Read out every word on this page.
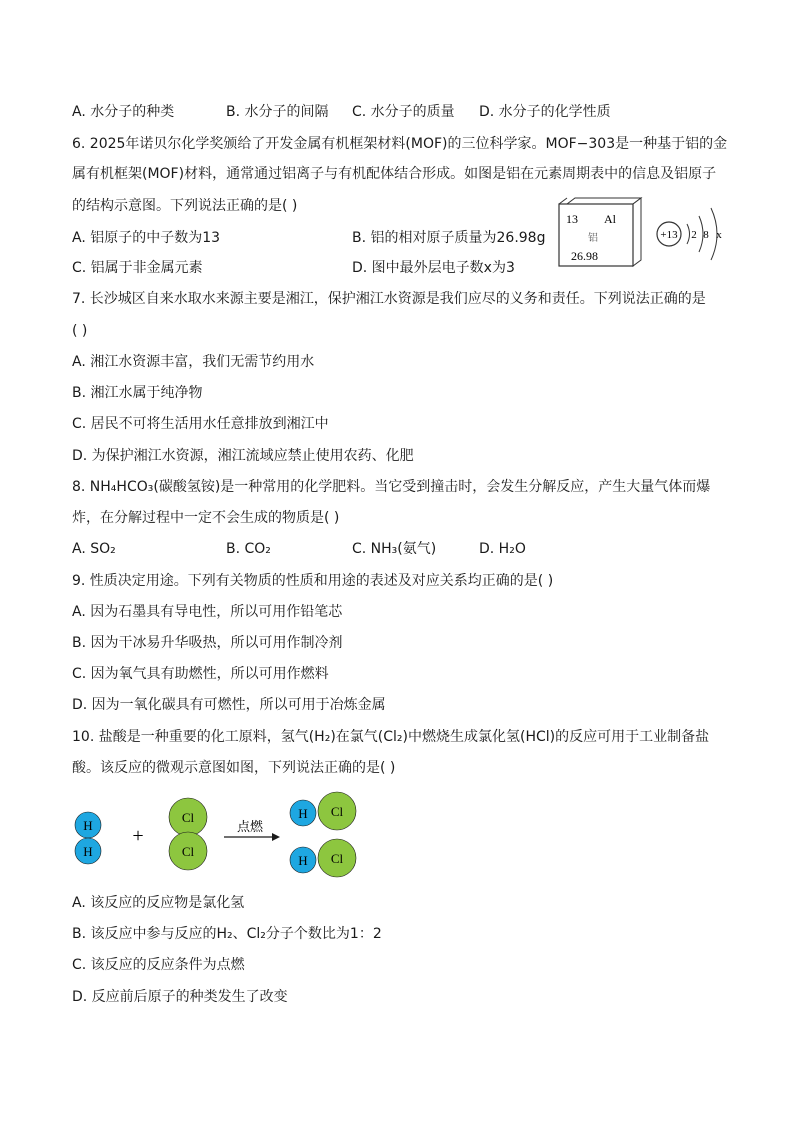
A. 水分子的种类	B. 水分子的间隔 C. 水分子的质量 D. 水分子的化学性质
6. 2025年诺贝尔化学奖颁给了开发金属有机框架材料(MOF)的三位科学家。MOF−303是一种基于铝的金
属有机框架(MOF)材料，通常通过铝离子与有机配体结合形成。如图是铝在元素周期表中的信息及铝原子
的结构示意图。下列说法正确的是( )
A. 铝原子的中子数为13	B. 铝的相对原子质量为26.98g
C. 铝属于非金属元素	D. 图中最外层电子数x为3
13 Al
铝
26.98
+13 2 8 x
7. 长沙城区自来水取水来源主要是湘江，保护湘江水资源是我们应尽的义务和责任。下列说法正确的是
( )
A. 湘江水资源丰富，我们无需节约用水
B. 湘江水属于纯净物
C. 居民不可将生活用水任意排放到湘江中
D. 为保护湘江水资源，湘江流域应禁止使用农药、化肥
8. NH₄HCO₃(碳酸氢铵)是一种常用的化学肥料。当它受到撞击时，会发生分解反应，产生大量气体而爆
炸，在分解过程中一定不会生成的物质是( )
A. SO₂	B. CO₂	C. NH₃(氨气)	D. H₂O
9. 性质决定用途。下列有关物质的性质和用途的表述及对应关系均正确的是( )
A. 因为石墨具有导电性，所以可用作铅笔芯
B. 因为干冰易升华吸热，所以可用作制冷剂
C. 因为氧气具有助燃性，所以可用作燃料
D. 因为一氧化碳具有可燃性，所以可用于冶炼金属
10. 盐酸是一种重要的化工原料，氢气(H₂)在氯气(Cl₂)中燃烧生成氯化氢(HCl)的反应可用于工业制备盐
酸。该反应的微观示意图如图，下列说法正确的是( )
H
H
+
Cl
Cl
点燃
Cl
H
Cl
H
A. 该反应的反应物是氯化氢
B. 该反应中参与反应的H₂、Cl₂分子个数比为1：2
C. 该反应的反应条件为点燃
D. 反应前后原子的种类发生了改变
